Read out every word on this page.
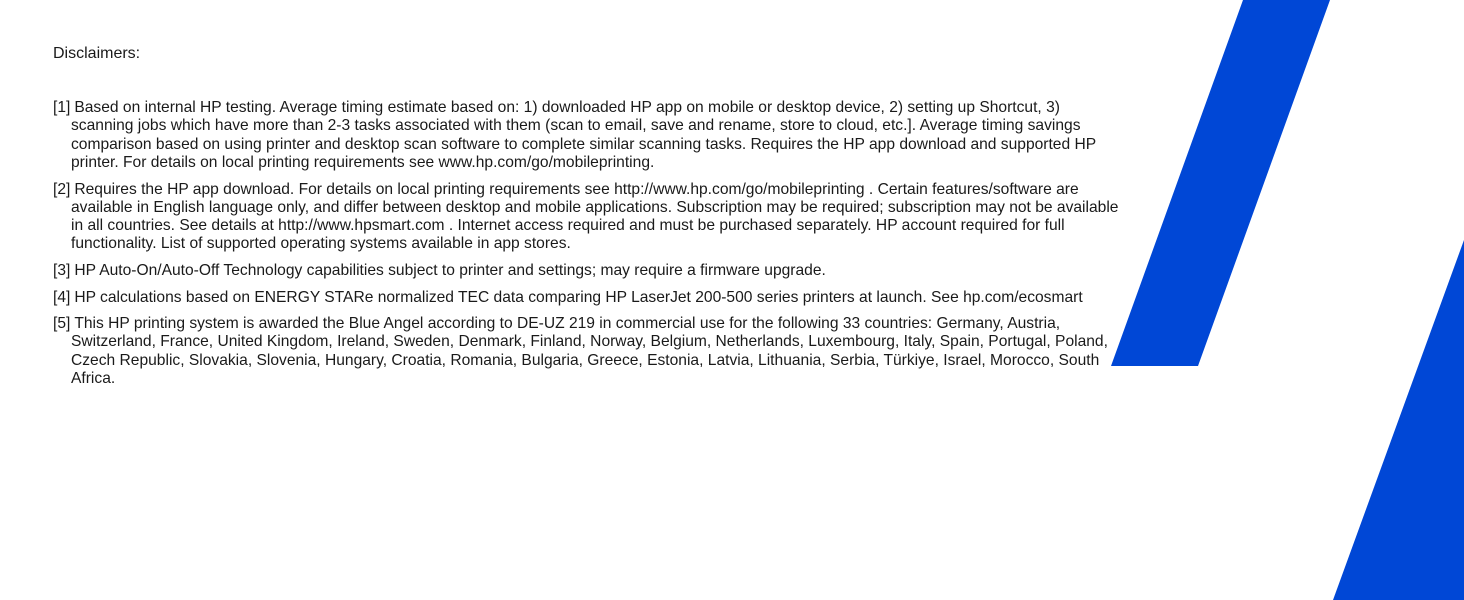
Disclaimers:
[1] Based on internal HP testing. Average timing estimate based on: 1) downloaded HP app on mobile or desktop device, 2) setting up Shortcut, 3) scanning jobs which have more than 2-3 tasks associated with them (scan to email, save and rename, store to cloud, etc.]. Average timing savings comparison based on using printer and desktop scan software to complete similar scanning tasks. Requires the HP app download and supported HP printer. For details on local printing requirements see www.hp.com/go/mobileprinting.
[2] Requires the HP app download. For details on local printing requirements see http://www.hp.com/go/mobileprinting . Certain features/software are available in English language only, and differ between desktop and mobile applications. Subscription may be required; subscription may not be available in all countries. See details at http://www.hpsmart.com . Internet access required and must be purchased separately. HP account required for full functionality. List of supported operating systems available in app stores.
[3] HP Auto-On/Auto-Off Technology capabilities subject to printer and settings; may require a firmware upgrade.
[4] HP calculations based on ENERGY STARe normalized TEC data comparing HP LaserJet 200-500 series printers at launch. See hp.com/ecosmart
[5] This HP printing system is awarded the Blue Angel according to DE-UZ 219 in commercial use for the following 33 countries: Germany, Austria, Switzerland, France, United Kingdom, Ireland, Sweden, Denmark, Finland, Norway, Belgium, Netherlands, Luxembourg, Italy, Spain, Portugal, Poland, Czech Republic, Slovakia, Slovenia, Hungary, Croatia, Romania, Bulgaria, Greece, Estonia, Latvia, Lithuania, Serbia, Türkiye, Israel, Morocco, South Africa.
